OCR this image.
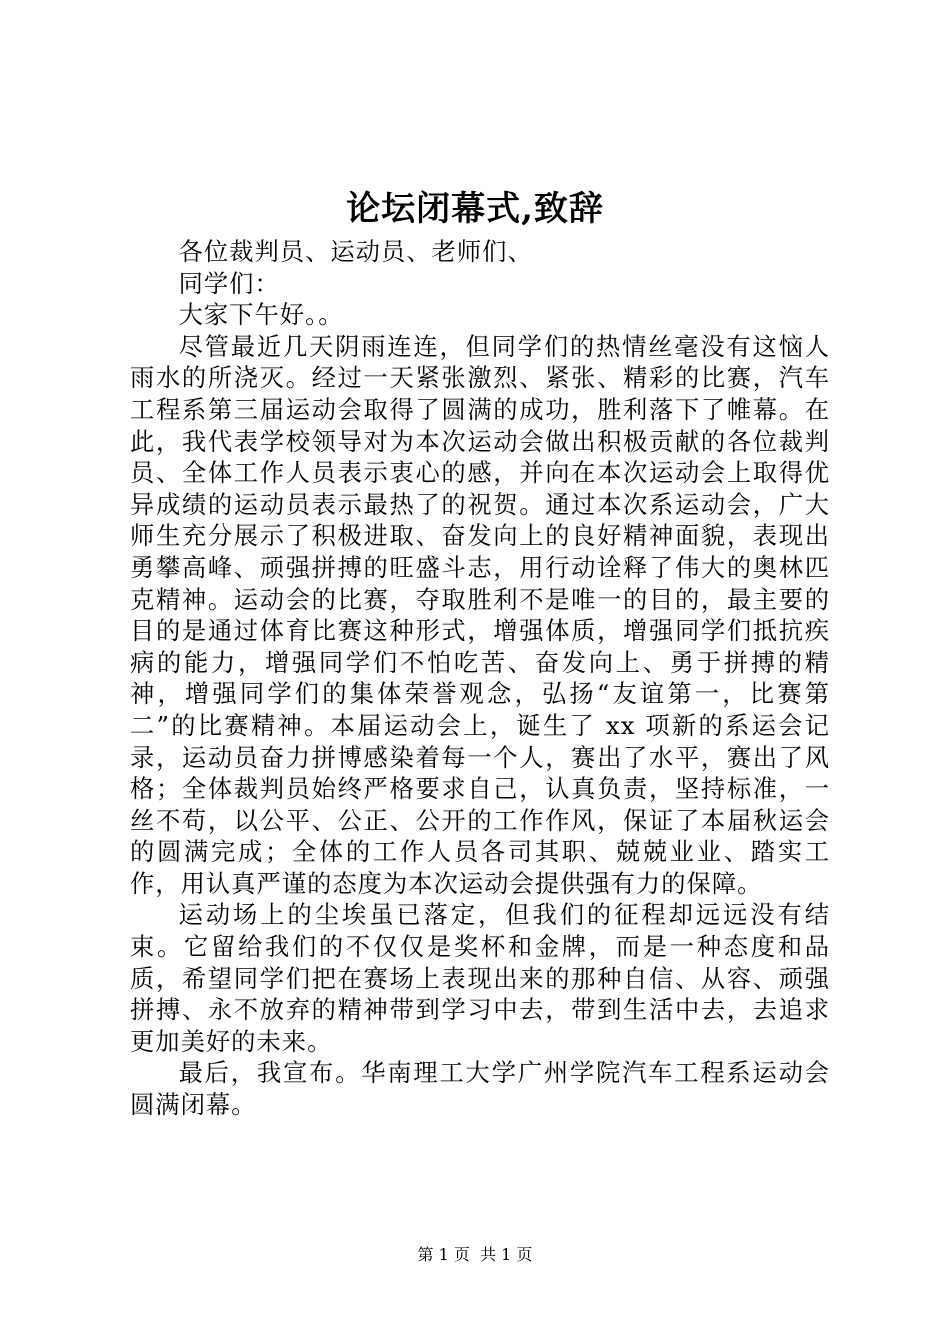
论坛闭幕式,致辞

各位裁判员、运动员、老师们、

同学们：

大家下午好。。

尽管最近几天阴雨连连，但同学们的热情丝毫没有这恼人雨水的所浇灭。经过一天紧张激烈、紧张、精彩的比赛，汽车工程系第三届运动会取得了圆满的成功，胜利落下了帷幕。在此，我代表学校领导对为本次运动会做出积极贡献的各位裁判员、全体工作人员表示衷心的感，并向在本次运动会上取得优异成绩的运动员表示最热了的祝贺。通过本次系运动会，广大师生充分展示了积极进取、奋发向上的良好精神面貌，表现出勇攀高峰、顽强拼搏的旺盛斗志，用行动诠释了伟大的奥林匹克精神。运动会的比赛，夺取胜利不是唯一的目的，最主要的目的是通过体育比赛这种形式，增强体质，增强同学们抵抗疾病的能力，增强同学们不怕吃苦、奋发向上、勇于拼搏的精神，增强同学们的集体荣誉观念，弘扬“友谊第一，比赛第二”的比赛精神。本届运动会上，诞生了 xx 项新的系运会记录，运动员奋力拼博感染着每一个人，赛出了水平，赛出了风格；全体裁判员始终严格要求自己，认真负责，坚持标准，一丝不苟，以公平、公正、公开的工作作风，保证了本届秋运会的圆满完成；全体的工作人员各司其职、兢兢业业、踏实工作，用认真严谨的态度为本次运动会提供强有力的保障。

运动场上的尘埃虽已落定，但我们的征程却远远没有结束。它留给我们的不仅仅是奖杯和金牌，而是一种态度和品质，希望同学们把在赛场上表现出来的那种自信、从容、顽强拼搏、永不放弃的精神带到学习中去，带到生活中去，去追求更加美好的未来。

最后，我宣布。华南理工大学广州学院汽车工程系运动会圆满闭幕。

第 1 页 共 1 页
